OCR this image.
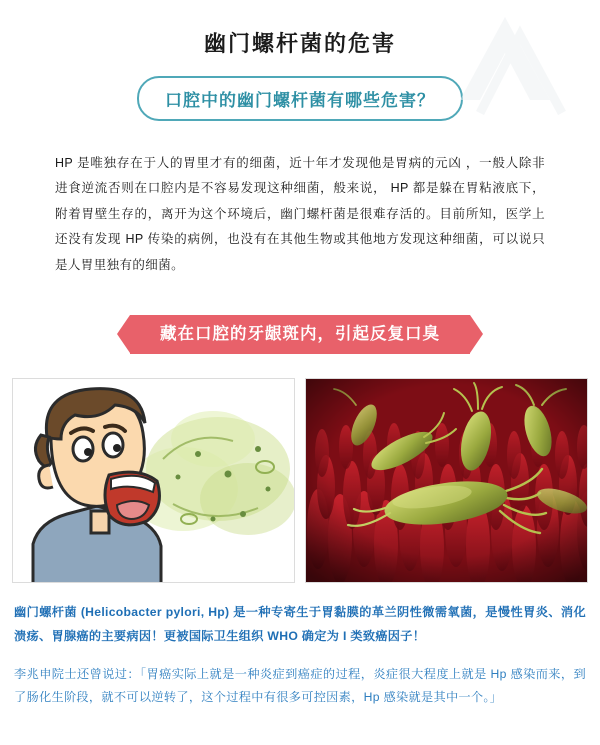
幽门螺杆菌的危害
口腔中的幽门螺杆菌有哪些危害？

HP 是唯独存在于人的胃里才有的细菌，近十年才发现他是胃病的元凶 ，一般人除非进食逆流否则在口腔内是不容易发现这种细菌，般来说， HP 都是躲在胃粘液底下，附着胃壁生存的，离开为这个环境后，幽门螺杆菌是很难存活的。目前所知，医学上还没有发现 HP 传染的病例，也没有在其他生物或其他地方发现这种细菌，可以说只是人胃里独有的细菌。

藏在口腔的牙龈斑内，引起反复口臭

幽门螺杆菌 (Helicobacter pylori, Hp) 是一种专寄生于胃黏膜的革兰阴性微需氧菌，是慢性胃炎、消化溃疡、胃腺癌的主要病因！更被国际卫生组织 WHO 确定为 I 类致癌因子！

李兆申院士还曾说过：「胃癌实际上就是一种炎症到癌症的过程，炎症很大程度上就是 Hp 感染而来，到了肠化生阶段，就不可以逆转了，这个过程中有很多可控因素，Hp 感染就是其中一个。」
